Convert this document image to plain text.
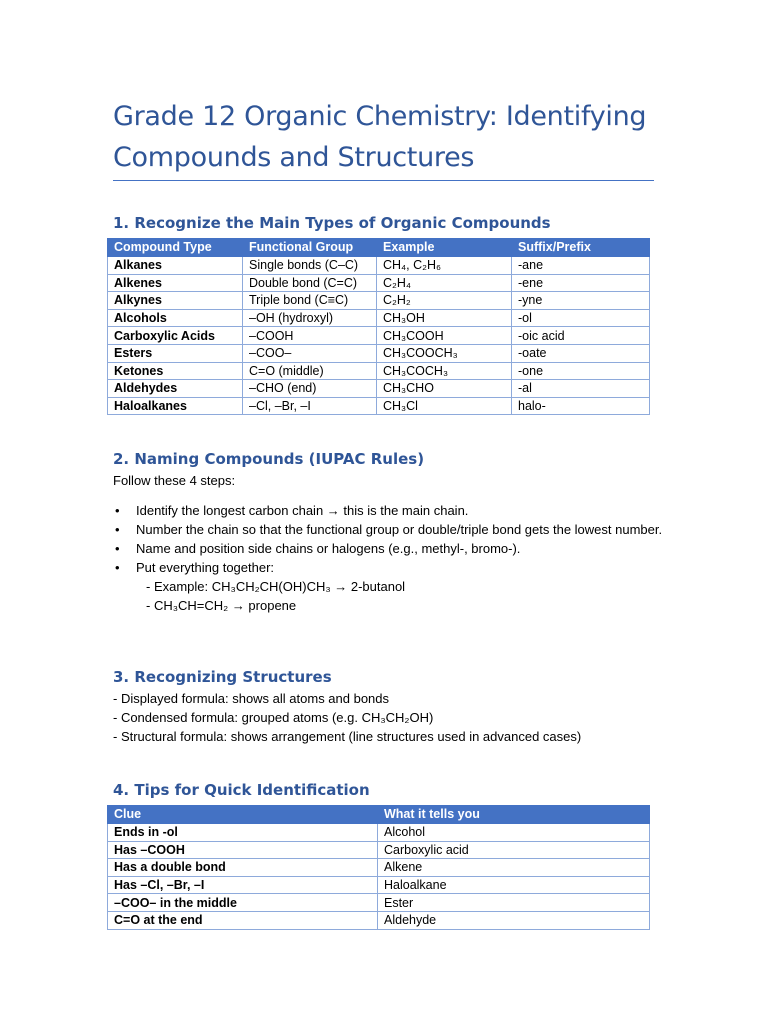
Grade 12 Organic Chemistry: Identifying Compounds and Structures
1. Recognize the Main Types of Organic Compounds
Compound Type	Functional Group	Example	Suffix/Prefix
Alkanes	Single bonds (C–C)	CH₄, C₂H₆	-ane
Alkenes	Double bond (C=C)	C₂H₄	-ene
Alkynes	Triple bond (C≡C)	C₂H₂	-yne
Alcohols	–OH (hydroxyl)	CH₃OH	-ol
Carboxylic Acids	–COOH	CH₃COOH	-oic acid
Esters	–COO–	CH₃COOCH₃	-oate
Ketones	C=O (middle)	CH₃COCH₃	-one
Aldehydes	–CHO (end)	CH₃CHO	-al
Haloalkanes	–Cl, –Br, –I	CH₃Cl	halo-
2. Naming Compounds (IUPAC Rules)

Follow these 4 steps:

• Identify the longest carbon chain → this is the main chain.
• Number the chain so that the functional group or double/triple bond gets the lowest number.
• Name and position side chains or halogens (e.g., methyl-, bromo-).
• Put everything together:
- Example: CH₃CH₂CH(OH)CH₃ → 2-butanol
- CH₃CH=CH₂ → propene
3. Recognizing Structures

- Displayed formula: shows all atoms and bonds

- Condensed formula: grouped atoms (e.g. CH₃CH₂OH)

- Structural formula: shows arrangement (line structures used in advanced cases)

4. Tips for Quick Identification
Clue	What it tells you
Ends in -ol	Alcohol
Has –COOH	Carboxylic acid
Has a double bond	Alkene
Has –Cl, –Br, –I	Haloalkane
–COO– in the middle	Ester
C=O at the end	Aldehyde
